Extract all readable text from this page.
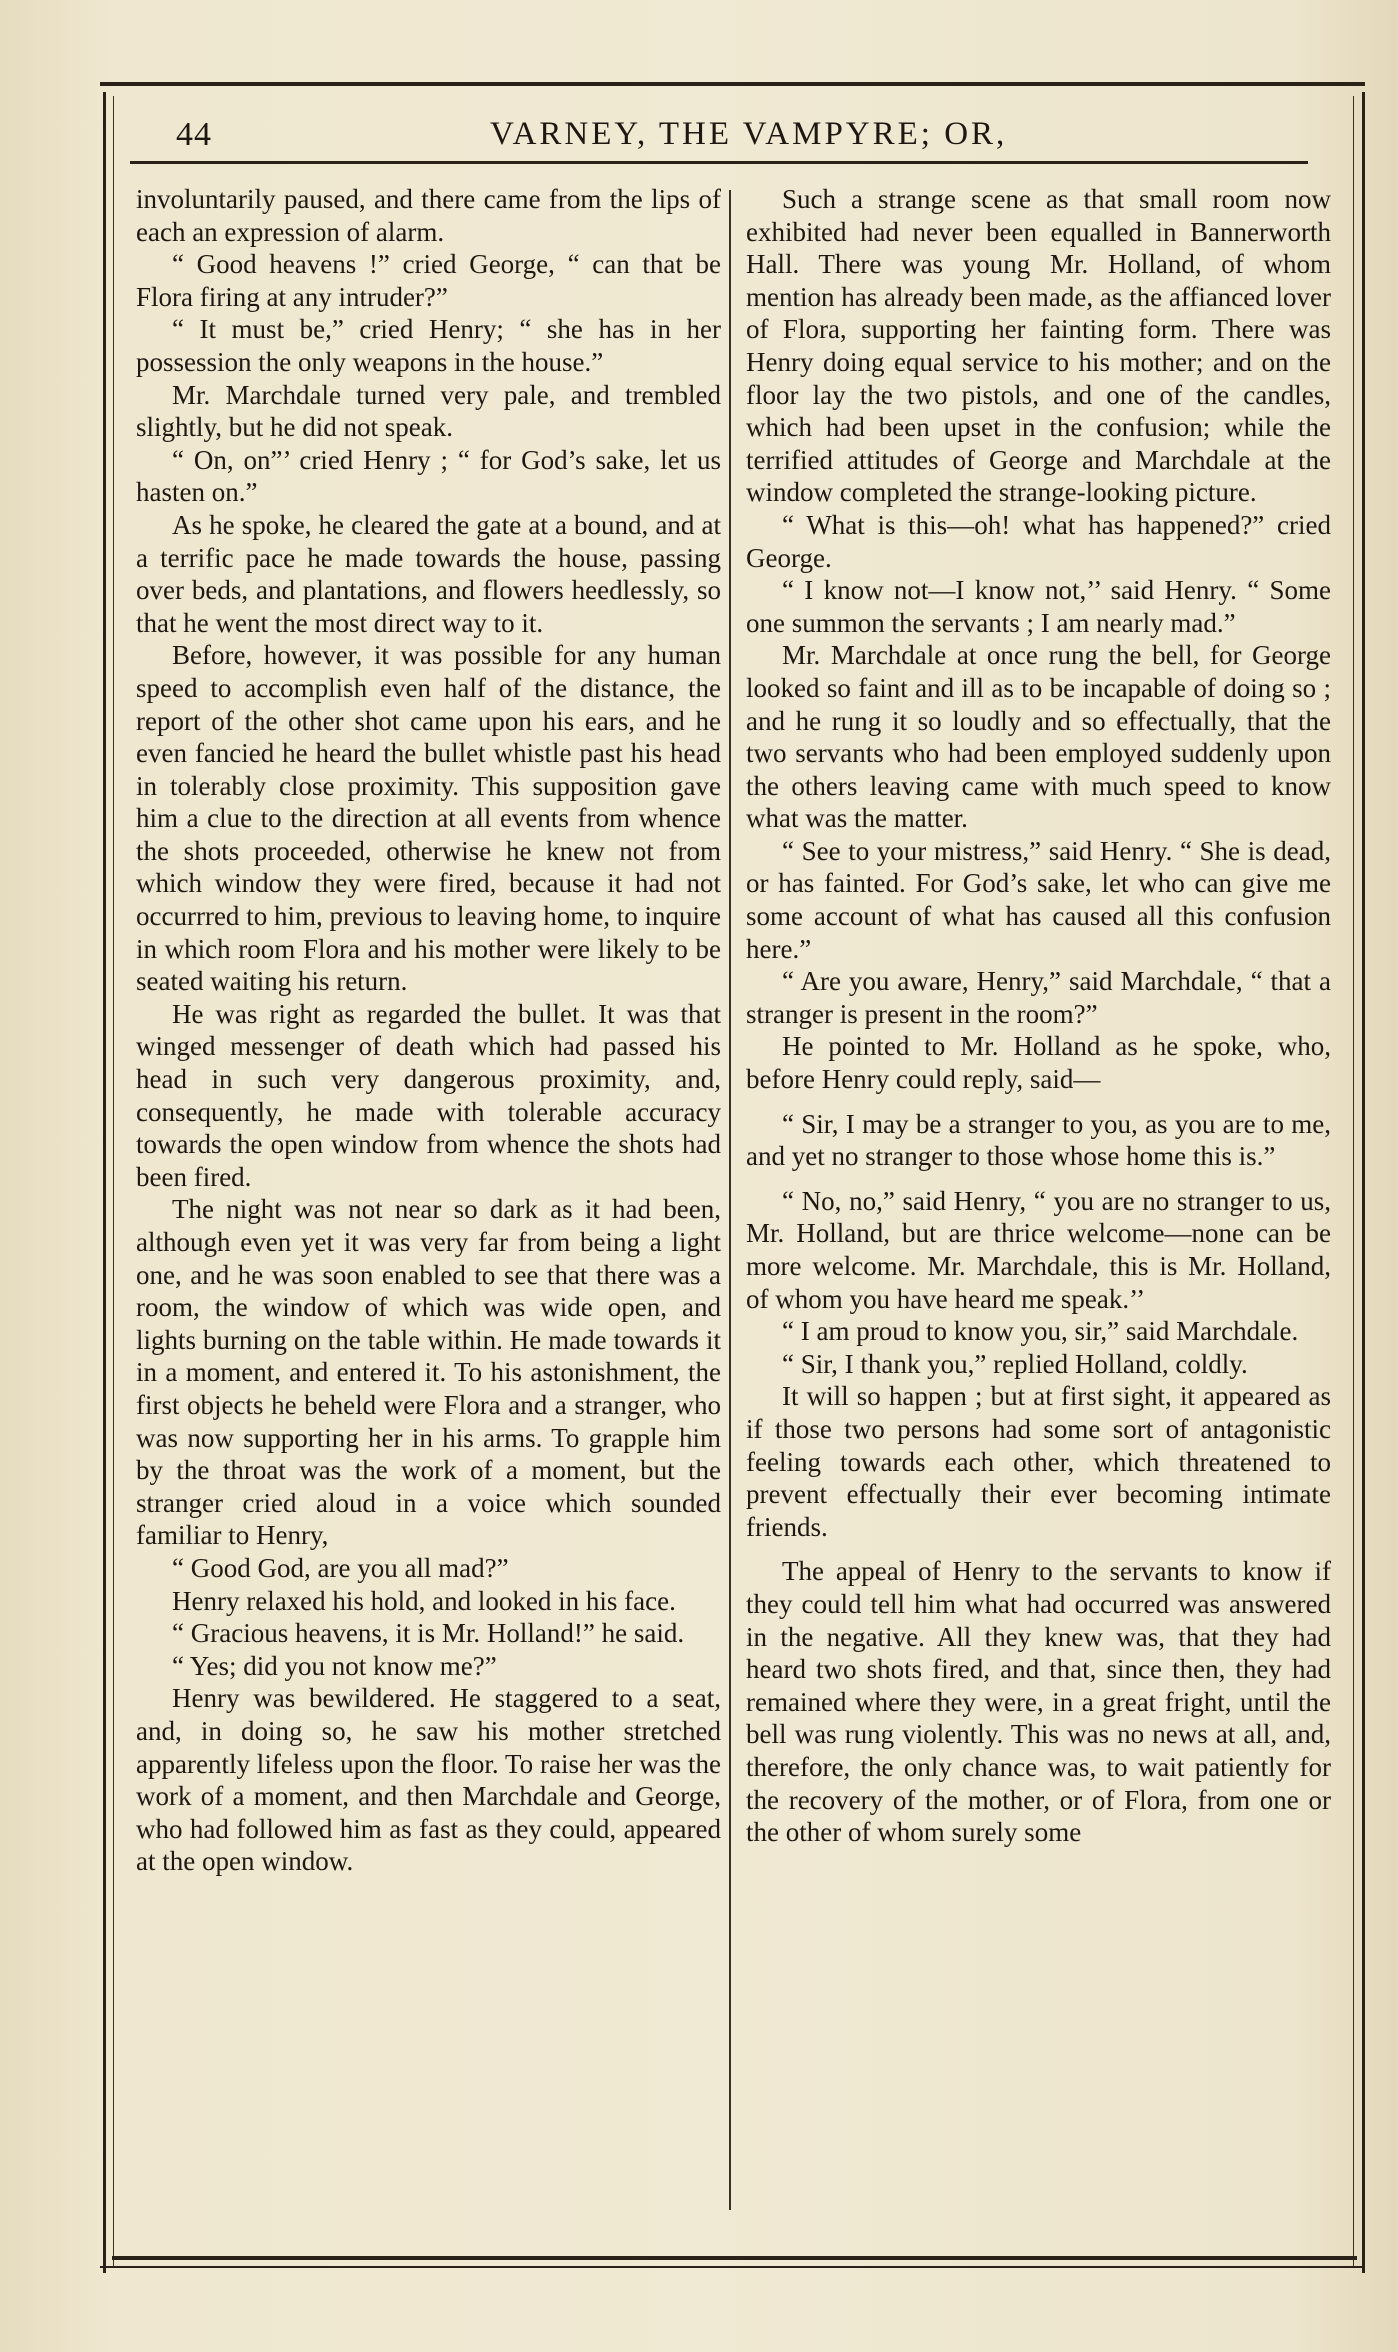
44	VARNEY, THE VAMPYRE; OR,

involuntarily paused, and there came from the lips of each an expression of alarm.

“ Good heavens !” cried George, “ can that be Flora firing at any intruder?”

“ It must be,” cried Henry; “ she has in her possession the only weapons in the house.”

Mr. Marchdale turned very pale, and trembled slightly, but he did not speak.

“ On, on”’ cried Henry ; “ for God’s sake, let us hasten on.”

As he spoke, he cleared the gate at a bound, and at a terrific pace he made towards the house, passing over beds, and plantations, and flowers heedlessly, so that he went the most direct way to it.

Before, however, it was possible for any human speed to accomplish even half of the distance, the report of the other shot came upon his ears, and he even fancied he heard the bullet whistle past his head in tolerably close proximity. This supposition gave him a clue to the direction at all events from whence the shots proceeded, otherwise he knew not from which window they were fired, because it had not occurrred to him, previous to leaving home, to inquire in which room Flora and his mother were likely to be seated waiting his return.

He was right as regarded the bullet. It was that winged messenger of death which had passed his head in such very dangerous proximity, and, consequently, he made with tolerable accuracy towards the open window from whence the shots had been fired.

The night was not near so dark as it had been, although even yet it was very far from being a light one, and he was soon enabled to see that there was a room, the window of which was wide open, and lights burning on the table within. He made towards it in a moment, and entered it. To his astonishment, the first objects he beheld were Flora and a stranger, who was now supporting her in his arms. To grapple him by the throat was the work of a moment, but the stranger cried aloud in a voice which sounded familiar to Henry,

“ Good God, are you all mad?”

Henry relaxed his hold, and looked in his face.

“ Gracious heavens, it is Mr. Holland!” he said.

“ Yes; did you not know me?”

Henry was bewildered. He staggered to a seat, and, in doing so, he saw his mother stretched apparently lifeless upon the floor. To raise her was the work of a moment, and then Marchdale and George, who had followed him as fast as they could, appeared at the open window.

Such a strange scene as that small room now exhibited had never been equalled in Bannerworth Hall. There was young Mr. Holland, of whom mention has already been made, as the affianced lover of Flora, supporting her fainting form. There was Henry doing equal service to his mother; and on the floor lay the two pistols, and one of the candles, which had been upset in the confusion; while the terrified attitudes of George and Marchdale at the window completed the strange-looking picture.

“ What is this—oh! what has happened?” cried George.

“ I know not—I know not,’’ said Henry. “ Some one summon the servants ; I am nearly mad.”

Mr. Marchdale at once rung the bell, for George looked so faint and ill as to be incapable of doing so ; and he rung it so loudly and so effectually, that the two servants who had been employed suddenly upon the others leaving came with much speed to know what was the matter.

“ See to your mistress,” said Henry. “ She is dead, or has fainted. For God’s sake, let who can give me some account of what has caused all this confusion here.”

“ Are you aware, Henry,” said Marchdale, “ that a stranger is present in the room?”

He pointed to Mr. Holland as he spoke, who, before Henry could reply, said—

“ Sir, I may be a stranger to you, as you are to me, and yet no stranger to those whose home this is.”

“ No, no,” said Henry, “ you are no stranger to us, Mr. Holland, but are thrice welcome—none can be more welcome. Mr. Marchdale, this is Mr. Holland, of whom you have heard me speak.’’

“ I am proud to know you, sir,” said Marchdale.

“ Sir, I thank you,” replied Holland, coldly.

It will so happen ; but at first sight, it appeared as if those two persons had some sort of antagonistic feeling towards each other, which threatened to prevent effectually their ever becoming intimate friends.

The appeal of Henry to the servants to know if they could tell him what had occurred was answered in the negative. All they knew was, that they had heard two shots fired, and that, since then, they had remained where they were, in a great fright, until the bell was rung violently. This was no news at all, and, therefore, the only chance was, to wait patiently for the recovery of the mother, or of Flora, from one or the other of whom surely some
